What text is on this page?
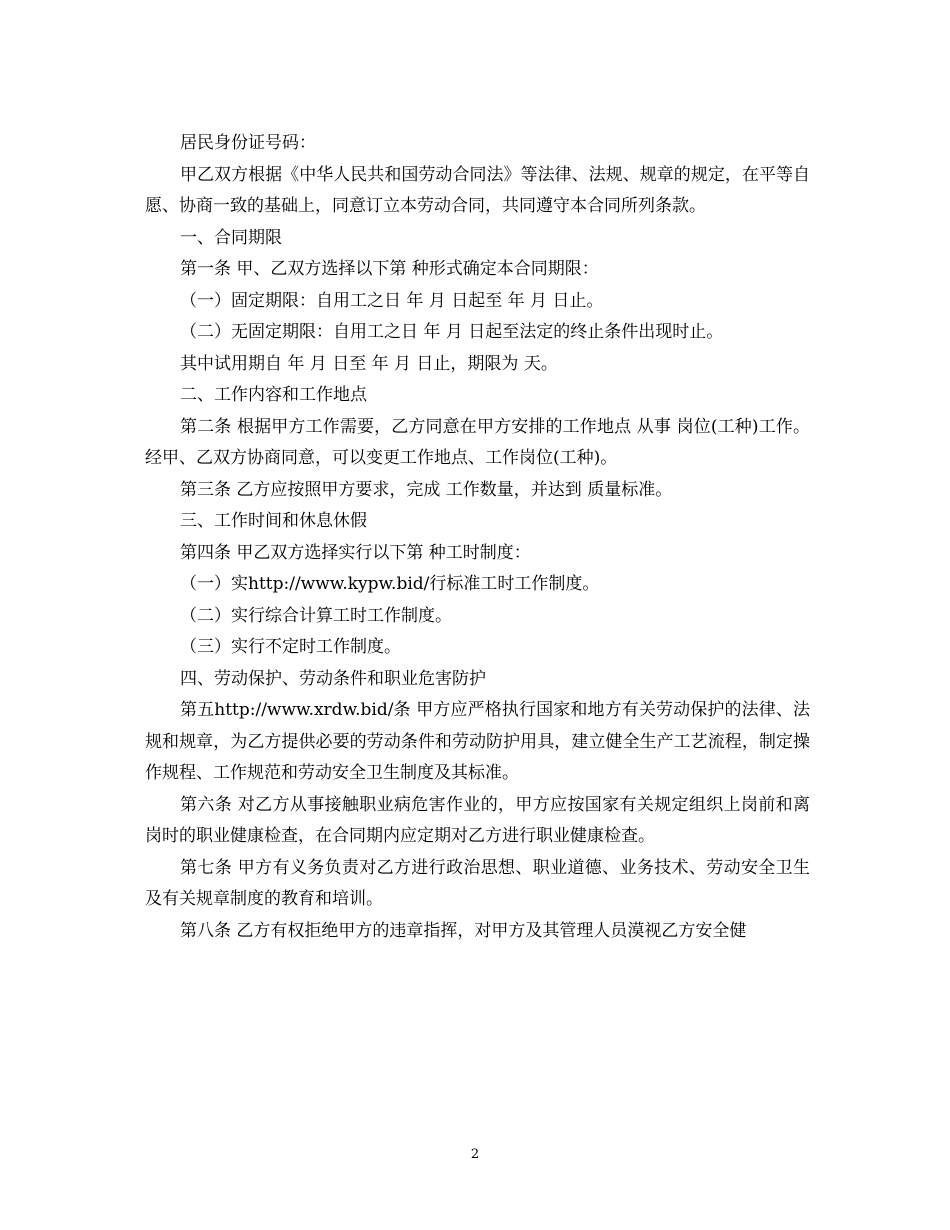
居民身份证号码：

甲乙双方根据《中华人民共和国劳动合同法》等法律、法规、规章的规定，在平等自愿、协商一致的基础上，同意订立本劳动合同，共同遵守本合同所列条款。

一、合同期限

第一条 甲、乙双方选择以下第 种形式确定本合同期限：

（一）固定期限：自用工之日 年 月 日起至 年 月 日止。

（二）无固定期限：自用工之日 年 月 日起至法定的终止条件出现时止。

其中试用期自 年 月 日至 年 月 日止，期限为 天。

二、工作内容和工作地点

第二条 根据甲方工作需要，乙方同意在甲方安排的工作地点 从事 岗位(工种)工作。经甲、乙双方协商同意，可以变更工作地点、工作岗位(工种)。

第三条 乙方应按照甲方要求，完成 工作数量，并达到 质量标准。

三、工作时间和休息休假

第四条 甲乙双方选择实行以下第 种工时制度：

（一）实http://www.kypw.bid/行标准工时工作制度。

（二）实行综合计算工时工作制度。

（三）实行不定时工作制度。

四、劳动保护、劳动条件和职业危害防护

第五http://www.xrdw.bid/条 甲方应严格执行国家和地方有关劳动保护的法律、法规和规章，为乙方提供必要的劳动条件和劳动防护用具，建立健全生产工艺流程，制定操作规程、工作规范和劳动安全卫生制度及其标准。

第六条 对乙方从事接触职业病危害作业的，甲方应按国家有关规定组织上岗前和离岗时的职业健康检查，在合同期内应定期对乙方进行职业健康检查。

第七条 甲方有义务负责对乙方进行政治思想、职业道德、业务技术、劳动安全卫生及有关规章制度的教育和培训。

第八条 乙方有权拒绝甲方的违章指挥，对甲方及其管理人员漠视乙方安全健

2
